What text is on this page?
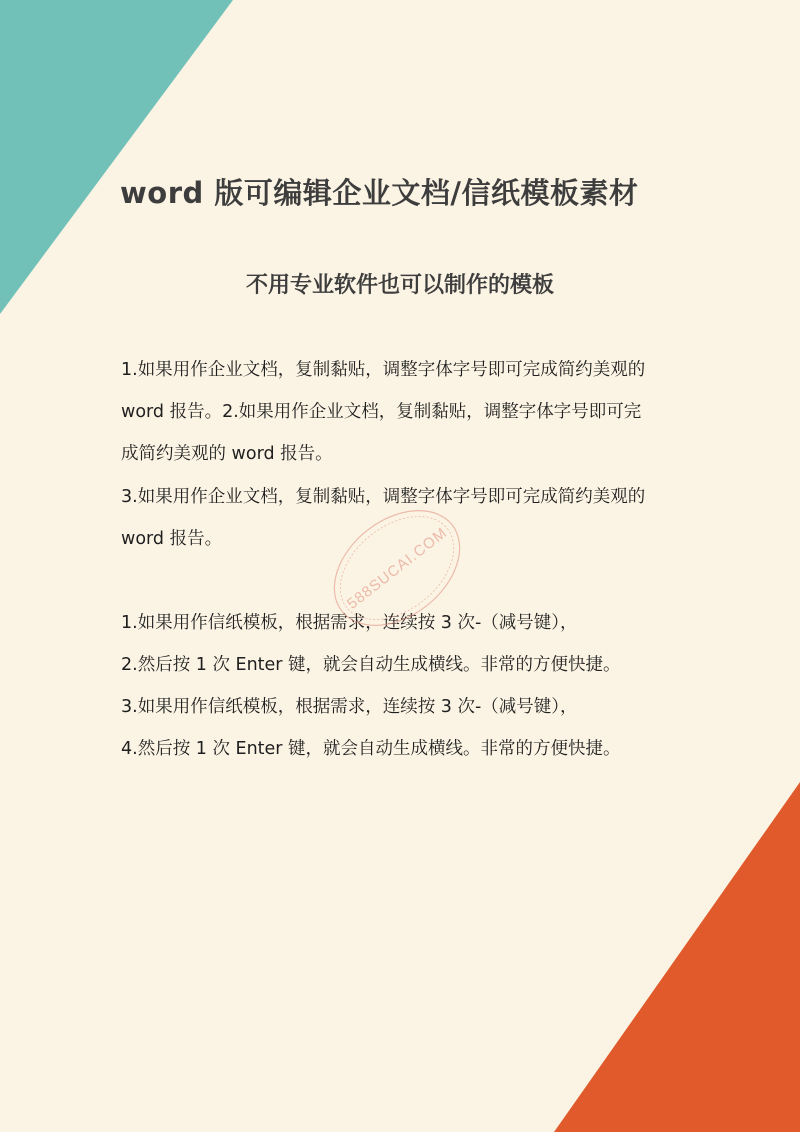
word 版可编辑企业文档/信纸模板素材
不用专业软件也可以制作的模板
1.如果用作企业文档，复制黏贴，调整字体字号即可完成简约美观的
word 报告。2.如果用作企业文档，复制黏贴，调整字体字号即可完
成简约美观的 word 报告。
3.如果用作企业文档，复制黏贴，调整字体字号即可完成简约美观的
word 报告。
1.如果用作信纸模板，根据需求，连续按 3 次-（减号键），
2.然后按 1 次 Enter 键，就会自动生成横线。非常的方便快捷。
3.如果用作信纸模板，根据需求，连续按 3 次-（减号键），
4.然后按 1 次 Enter 键，就会自动生成横线。非常的方便快捷。
588SUCAI.COM
